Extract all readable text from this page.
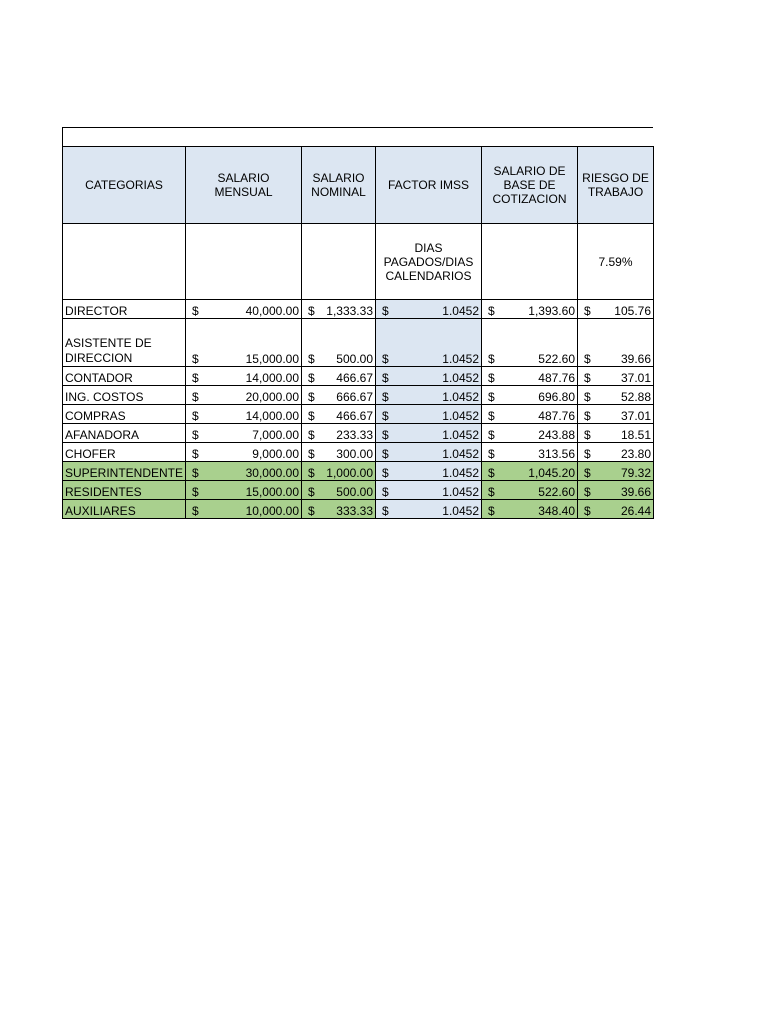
CATEGORIAS	SALARIO MENSUAL	SALARIO NOMINAL	FACTOR IMSS	SALARIO DE BASE DE COTIZACION	RIESGO DE TRABAJO
			DIAS PAGADOS/DIAS CALENDARIOS		7.59%
DIRECTOR	$ 40,000.00	$ 1,333.33	$ 1.0452	$ 1,393.60	$ 105.76

ASISTENTE DE DIRECCION	$ 15,000.00	$ 500.00	$ 1.0452	$ 522.60	$ 39.66

CONTADOR	$ 14,000.00	$ 466.67	$ 1.0452	$ 487.76	$ 37.01

ING. COSTOS	$ 20,000.00	$ 666.67	$ 1.0452	$ 696.80	$ 52.88

COMPRAS	$ 14,000.00	$ 466.67	$ 1.0452	$ 487.76	$ 37.01

AFANADORA	$ 7,000.00	$ 233.33	$ 1.0452	$ 243.88	$ 18.51

CHOFER	$ 9,000.00	$ 300.00	$ 1.0452	$ 313.56	$ 23.80

SUPERINTENDENTE	$ 30,000.00	$ 1,000.00	$ 1.0452	$ 1,045.20	$ 79.32

RESIDENTES	$ 15,000.00	$ 500.00	$ 1.0452	$ 522.60	$ 39.66

AUXILIARES	$ 10,000.00	$ 333.33	$ 1.0452	$ 348.40	$ 26.44
